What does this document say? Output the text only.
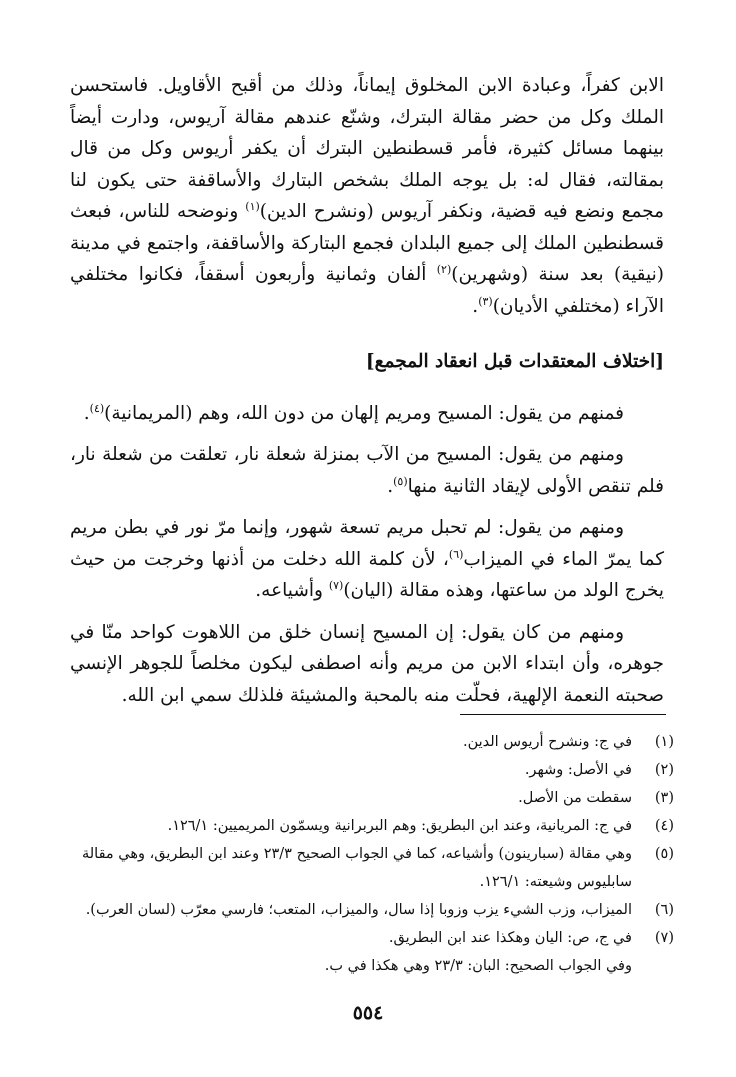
الابن كفراً، وعبادة الابن المخلوق إيماناً، وذلك من أقبح الأقاويل. فاستحسن الملك وكل من حضر مقالة البترك، وشنّع عندهم مقالة آريوس، ودارت أيضاً بينهما مسائل كثيرة، فأمر قسطنطين البترك أن يكفر أريوس وكل من قال بمقالته، فقال له: بل يوجه الملك بشخص البتارك والأساقفة حتى يكون لنا مجمع ونضع فيه قضية، ونكفر آريوس (ونشرح الدين)$^{(١)}$ ونوضحه للناس، فبعث قسطنطين الملك إلى جميع البلدان فجمع البتاركة والأساقفة، واجتمع في مدينة (نيقية) بعد سنة (وشهرين)$^{(٢)}$ ألفان وثمانية وأربعون أسقفاً، فكانوا مختلفي الآراء (مختلفي الأديان)$^{(٣)}$.

[اختلاف المعتقدات قبل انعقاد المجمع]

فمنهم من يقول: المسيح ومريم إلهان من دون الله، وهم (المريمانية)$^{(٤)}$.

ومنهم من يقول: المسيح من الآب بمنزلة شعلة نار، تعلقت من شعلة نار، فلم تنقص الأولى لإيقاد الثانية منها$^{(٥)}$.

ومنهم من يقول: لم تحبل مريم تسعة شهور، وإنما مرّ نور في بطن مريم كما يمرّ الماء في الميزاب$^{(٦)}$، لأن كلمة الله دخلت من أذنها وخرجت من حيث يخرج الولد من ساعتها، وهذه مقالة (اليان)$^{(٧)}$ وأشياعه.

ومنهم من كان يقول: إن المسيح إنسان خلق من اللاهوت كواحد منّا في جوهره، وأن ابتداء الابن من مريم وأنه اصطفى ليكون مخلصاً للجوهر الإنسي صحبته النعمة الإلهية، فحلّت منه بالمحبة والمشيئة فلذلك سمي ابن الله.

(١)
في ج: ونشرح أريوس الدين.
(٢)
في الأصل: وشهر.
(٣)
سقطت من الأصل.
(٤)
في ج: المريانية، وعند ابن البطريق: وهم البربرانية ويسمّون المريميين: ١٢٦/١.
(٥)
وهي مقالة (سبارينون) وأشياعه، كما في الجواب الصحيح ٢٣/٣ وعند ابن البطريق، وهي مقالة
سابليوس وشيعته: ١٢٦/١.
(٦)
الميزاب، وزب الشيء يزب وزوبا إذا سال، والميزاب، المتعب؛ فارسي معرّب (لسان العرب).
(٧)
في ج، ص: اليان وهكذا عند ابن البطريق.
وفي الجواب الصحيح: البان: ٢٣/٣ وهي هكذا في ب.
٥٥٤
